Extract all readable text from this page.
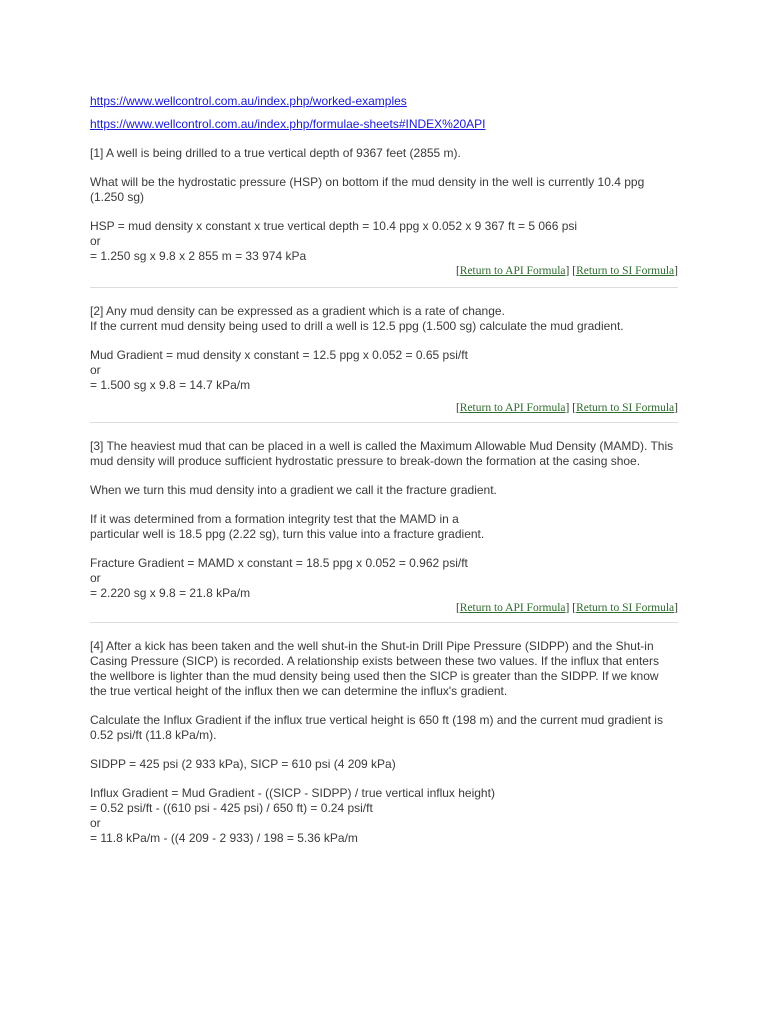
https://www.wellcontrol.com.au/index.php/worked-examples
https://www.wellcontrol.com.au/index.php/formulae-sheets#INDEX%20API

[1] A well is being drilled to a true vertical depth of 9367 feet (2855 m).

What will be the hydrostatic pressure (HSP) on bottom if the mud density in the well is currently 10.4 ppg (1.250 sg)

HSP = mud density x constant x true vertical depth = 10.4 ppg x 0.052 x 9 367 ft = 5 066 psi
or
= 1.250 sg x 9.8 x 2 855 m = 33 974 kPa
[Return to API Formula] [Return to SI Formula]
[2] Any mud density can be expressed as a gradient which is a rate of change.

If the current mud density being used to drill a well is 12.5 ppg (1.500 sg) calculate the mud gradient.

Mud Gradient = mud density x constant = 12.5 ppg x 0.052 = 0.65 psi/ft
or
= 1.500 sg x 9.8 = 14.7 kPa/m
[Return to API Formula] [Return to SI Formula]

[3] The heaviest mud that can be placed in a well is called the Maximum Allowable Mud Density (MAMD). This mud density will produce sufficient hydrostatic pressure to break-down the formation at the casing shoe.

When we turn this mud density into a gradient we call it the fracture gradient.

If it was determined from a formation integrity test that the MAMD in a

particular well is 18.5 ppg (2.22 sg), turn this value into a fracture gradient.

Fracture Gradient = MAMD x constant = 18.5 ppg x 0.052 = 0.962 psi/ft
or
= 2.220 sg x 9.8 = 21.8 kPa/m
[Return to API Formula] [Return to SI Formula]

[4] After a kick has been taken and the well shut-in the Shut-in Drill Pipe Pressure (SIDPP) and the Shut-in Casing Pressure (SICP) is recorded. A relationship exists between these two values. If the influx that enters the wellbore is lighter than the mud density being used then the SICP is greater than the SIDPP. If we know the true vertical height of the influx then we can determine the influx's gradient.

Calculate the Influx Gradient if the influx true vertical height is 650 ft (198 m) and the current mud gradient is 0.52 psi/ft (11.8 kPa/m).

SIDPP = 425 psi (2 933 kPa), SICP = 610 psi (4 209 kPa)

Influx Gradient = Mud Gradient - ((SICP - SIDPP) / true vertical influx height)
= 0.52 psi/ft - ((610 psi - 425 psi) / 650 ft) = 0.24 psi/ft
or
= 11.8 kPa/m - ((4 209 - 2 933) / 198 = 5.36 kPa/m
